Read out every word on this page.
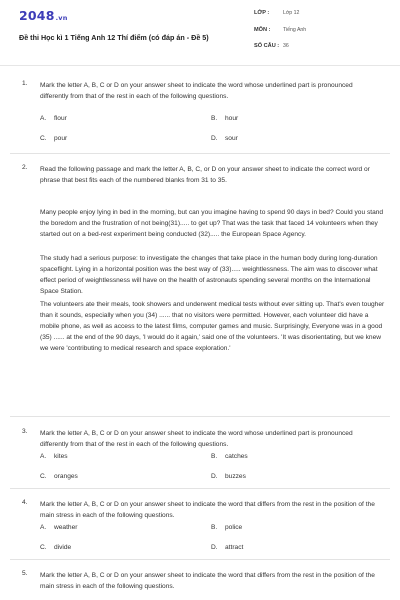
2048.vn
Đề thi Học kì 1 Tiếng Anh 12 Thí điểm (có đáp án - Đề 5)
LỚP :	Lớp 12
MÔN :	Tiếng Anh
SỐ CÂU : 36
1. Mark the letter A, B, C or D on your answer sheet to indicate the word whose underlined part is pronounced differently from that of the rest in each of the following questions.
A. flour	B. hour
C. pour	D. sour
2. Read the following passage and mark the letter A, B, C, or D on your answer sheet to indicate the correct word or phrase that best fits each of the numbered blanks from 31 to 35.
Many people enjoy lying in bed in the morning, but can you imagine having to spend 90 days in bed? Could you stand the boredom and the frustration of not being(31)..... to get up? That was the task that faced 14 volunteers when they started out on a bed-rest experiment being conducted (32)..... the European Space Agency.
The study had a serious purpose: to investigate the changes that take place in the human body during long-duration spaceflight. Lying in a horizontal position was the best way of (33)..... weightlessness. The aim was to discover what effect period of weightlessness will have on the health of astronauts spending several months on the International Space Station.
The volunteers ate their meals, took showers and underwent medical tests without ever sitting up. That's even tougher than it sounds, especially when you (34) ...... that no visitors were permitted. However, each volunteer did have a mobile phone, as well as access to the latest films, computer games and music. Surprisingly, Everyone was in a good (35) ...... at the end of the 90 days, 'I would do it again,' said one of the volunteers. 'It was disorientating, but we knew we were 'contributing to medical research and space exploration.'
3. Mark the letter A, B, C or D on your answer sheet to indicate the word whose underlined part is pronounced differently from that of the rest in each of the following questions.
A. kites	B. catches
C. oranges	D. buzzes
4. Mark the letter A, B, C or D on your answer sheet to indicate the word that differs from the rest in the position of the main stress in each of the following questions.
A. weather	B. police
C. divide	D. attract
5. Mark the letter A, B, C or D on your answer sheet to indicate the word that differs from the rest in the position of the main stress in each of the following questions.
